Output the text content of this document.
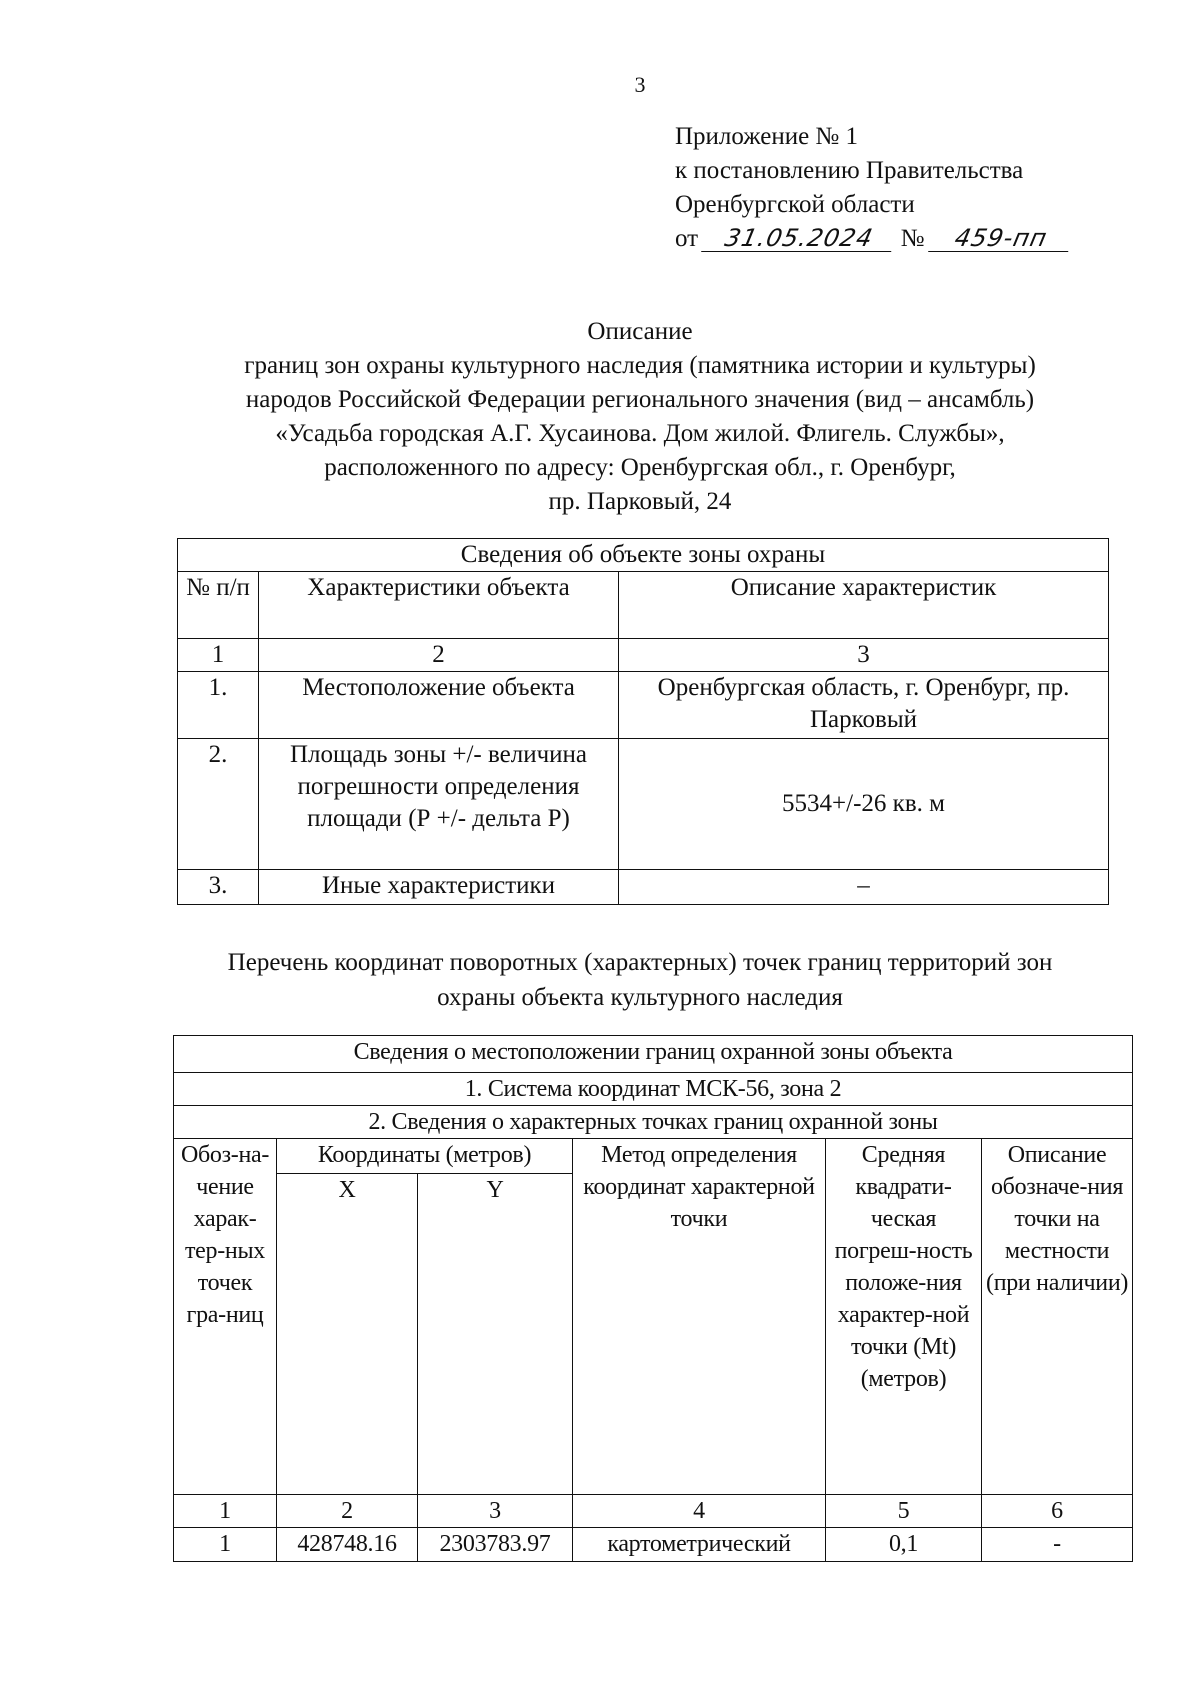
3
Приложение № 1
к постановлению Правительства
Оренбургской области
от 31.05.2024 № 459-пп
Описание
границ зон охраны культурного наследия (памятника истории и культуры)
народов Российской Федерации регионального значения (вид – ансамбль)
«Усадьба городская А.Г. Хусаинова. Дом жилой. Флигель. Службы»,
расположенного по адресу: Оренбургская обл., г. Оренбург,
пр. Парковый, 24
Сведения об объекте зоны охраны		
№ п/п	Характеристики объекта	Описание характеристик
1	2	3
1.	Местоположение объекта	Оренбургская область, г. Оренбург, пр. Парковый
2.	Площадь зоны +/- величина погрешности определения площади (Р +/- дельта Р)	5534+/-26 кв. м
3.	Иные характеристики	–
Перечень координат поворотных (характерных) точек границ территорий зон
охраны объекта культурного наследия
Сведения о местоположении границ охранной зоны объекта					
1. Система координат МСК-56, зона 2					
2. Сведения о характерных точках границ охранной зоны					
Обоз-на-чение харак-тер-ных точек гра-ниц	Координаты (метров)		Метод определения координат характерной точки	Средняя квадрати-ческая погреш-ность положе-ния характер-ной точки (Mt) (метров)	Описание обозначе-ния точки на местности (при наличии)
	X	Y			
1	2	3	4	5	6
1	428748.16	2303783.97	картометрический	0,1	-
